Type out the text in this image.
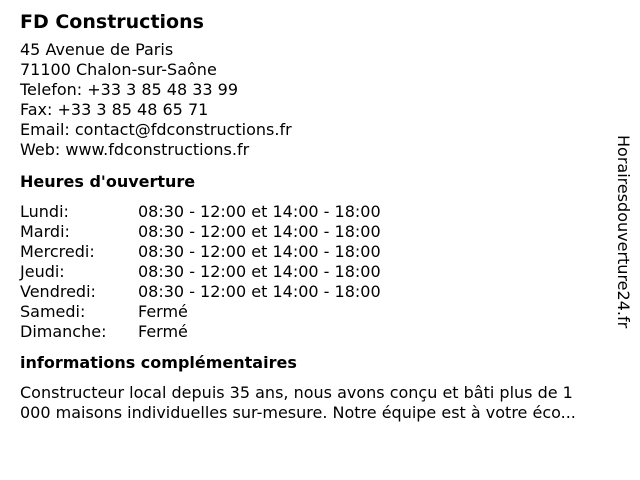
FD Constructions
45 Avenue de Paris
71100 Chalon-sur-Saône
Telefon: +33 3 85 48 33 99
Fax: +33 3 85 48 65 71
Email: contact@fdconstructions.fr
Web: www.fdconstructions.fr
Heures d'ouverture
Lundi:	08:30 - 12:00 et 14:00 - 18:00
Mardi:	08:30 - 12:00 et 14:00 - 18:00
Mercredi:	08:30 - 12:00 et 14:00 - 18:00
Jeudi:	08:30 - 12:00 et 14:00 - 18:00
Vendredi:	08:30 - 12:00 et 14:00 - 18:00
Samedi:	Fermé
Dimanche:	Fermé
informations complémentaires

Constructeur local depuis 35 ans, nous avons conçu et bâti plus de 1
000 maisons individuelles sur-mesure. Notre équipe est à votre éco...

Horairesdouverture24.fr
